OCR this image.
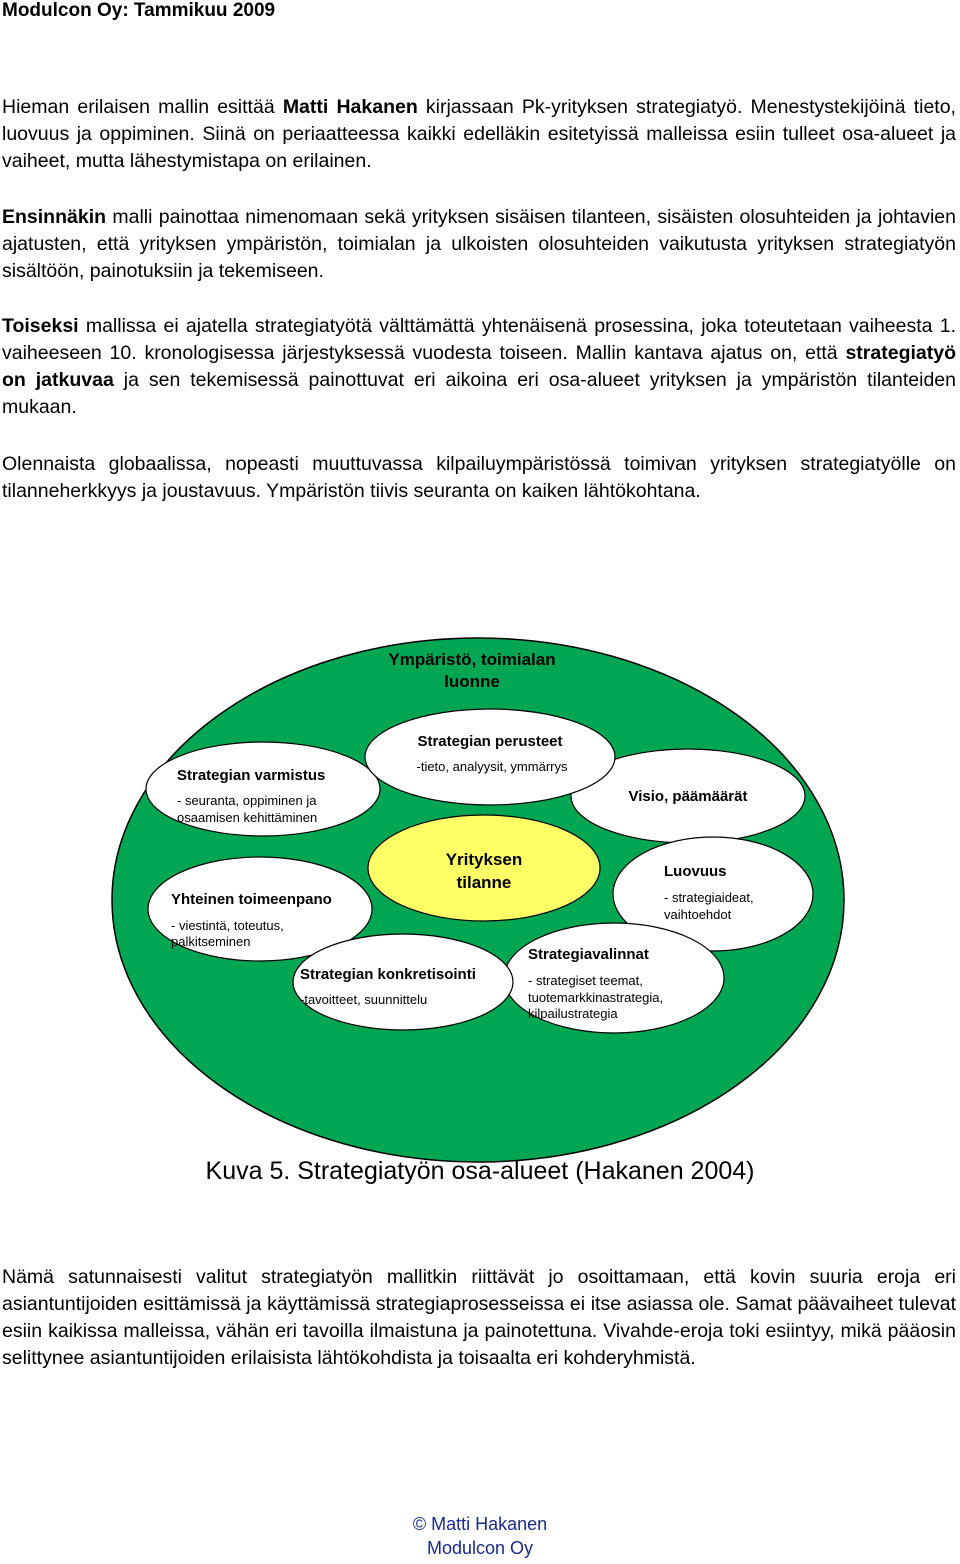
Modulcon Oy: Tammikuu 2009

Hieman erilaisen mallin esittää Matti Hakanen kirjassaan Pk-yrityksen strategiatyö. Menestystekijöinä tieto, luovuus ja oppiminen. Siinä on periaatteessa kaikki edelläkin esitetyissä malleissa esiin tulleet osa-alueet ja vaiheet, mutta lähestymistapa on erilainen.

Ensinnäkin malli painottaa nimenomaan sekä yrityksen sisäisen tilanteen, sisäisten olosuhteiden ja johtavien ajatusten, että yrityksen ympäristön, toimialan ja ulkoisten olosuhteiden vaikutusta yrityksen strategiatyön sisältöön, painotuksiin ja tekemiseen.

Toiseksi mallissa ei ajatella strategiatyötä välttämättä yhtenäisenä prosessina, joka toteutetaan vaiheesta 1. vaiheeseen 10. kronologisessa järjestyksessä vuodesta toiseen. Mallin kantava ajatus on, että strategiatyö on jatkuvaa ja sen tekemisessä painottuvat eri aikoina eri osa-alueet yrityksen ja ympäristön tilanteiden mukaan.

Olennaista globaalissa, nopeasti muuttuvassa kilpailuympäristössä toimivan yrityksen strategiatyölle on tilanneherkkyys ja joustavuus. Ympäristön tiivis seuranta on kaiken lähtökohtana.

Ympäristö, toimialan
luonne
Strategian varmistus
- seuranta, oppiminen ja
osaamisen kehittäminen
Visio, päämäärät
Strategian perusteet
-tieto, analyysit, ymmärrys
Luovuus
- strategiaideat,
vaihtoehdot
Yhteinen toimeenpano
- viestintä, toteutus,
palkitseminen
Strategiavalinnat
- strategiset teemat,
tuotemarkkinastrategia,
kilpailustrategia
Strategian konkretisointi
-tavoitteet, suunnittelu
Yrityksen
tilanne
Kuva 5. Strategiatyön osa-alueet (Hakanen 2004)

Nämä satunnaisesti valitut strategiatyön mallitkin riittävät jo osoittamaan, että kovin suuria eroja eri asiantuntijoiden esittämissä ja käyttämissä strategiaprosesseissa ei itse asiassa ole. Samat päävaiheet tulevat esiin kaikissa malleissa, vähän eri tavoilla ilmaistuna ja painotettuna. Vivahde-eroja toki esiintyy, mikä pääosin selittynee asiantuntijoiden erilaisista lähtökohdista ja toisaalta eri kohderyhmistä.

© Matti Hakanen
Modulcon Oy
